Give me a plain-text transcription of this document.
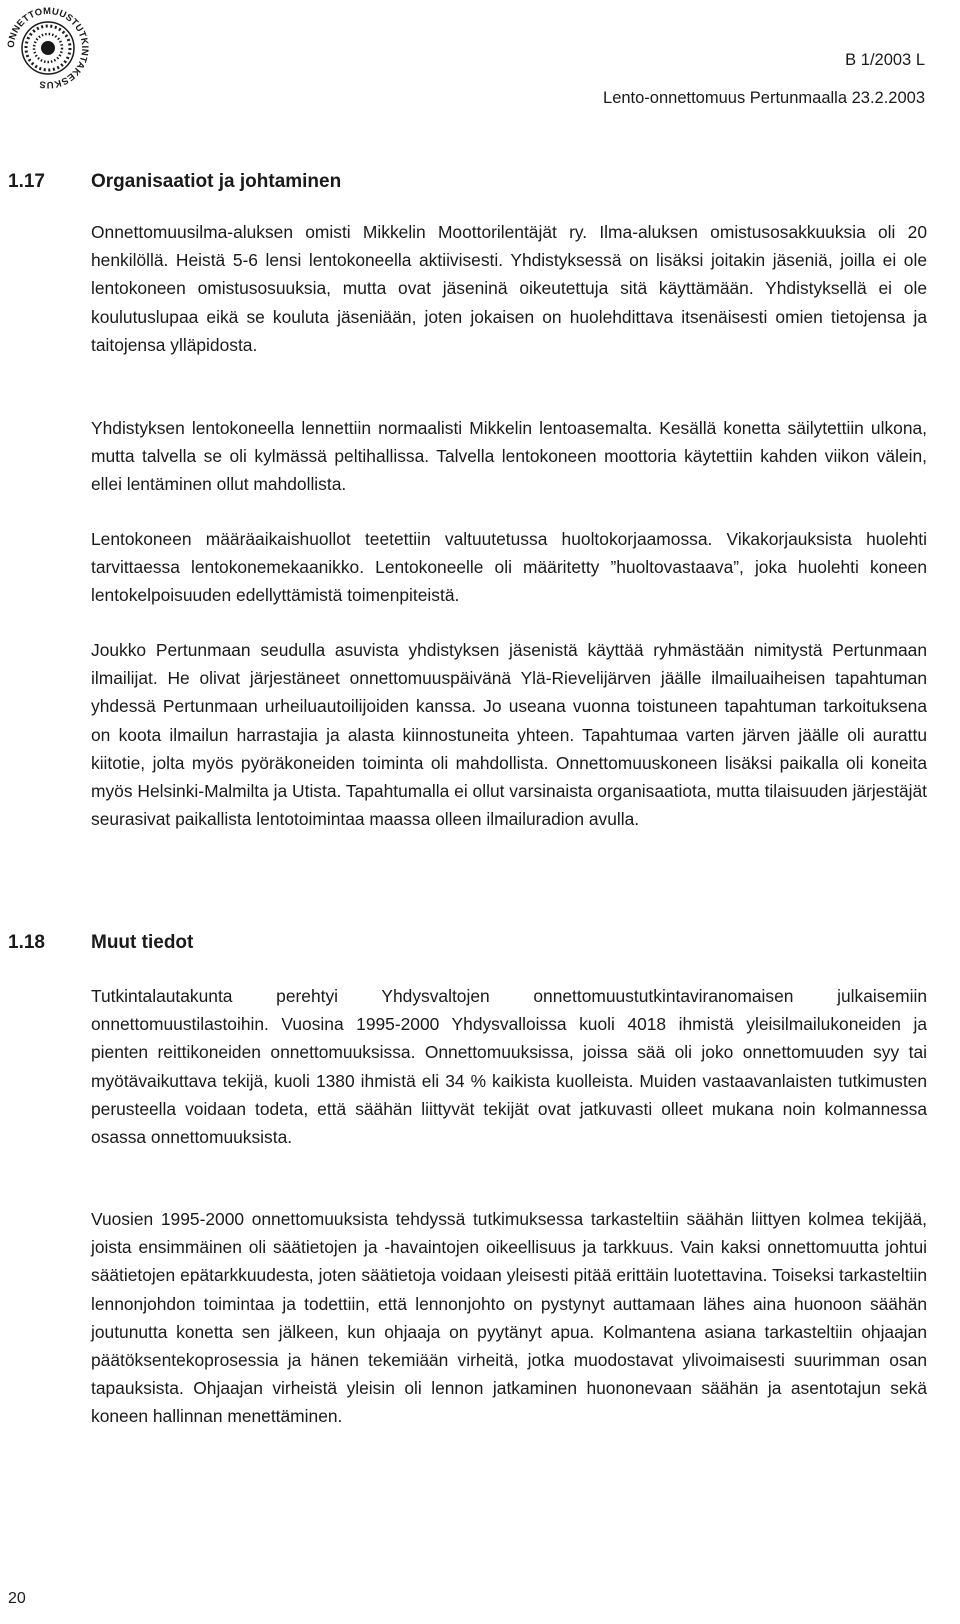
ONNETTOMUUSTUTKINTAKESKUS
B 1/2003 L
Lento-onnettomuus Pertunmaalla 23.2.2003
1.17 Organisaatiot ja johtaminen

Onnettomuusilma-aluksen omisti Mikkelin Moottorilentäjät ry. Ilma-aluksen omistusosakkuuksia oli 20 henkilöllä. Heistä 5-6 lensi lentokoneella aktiivisesti. Yhdistyksessä on lisäksi joitakin jäseniä, joilla ei ole lentokoneen omistusosuuksia, mutta ovat jäseninä oikeutettuja sitä käyttämään. Yhdistyksellä ei ole koulutuslupaa eikä se kouluta jäseniään, joten jokaisen on huolehdittava itsenäisesti omien tietojensa ja taitojensa ylläpidosta.

Yhdistyksen lentokoneella lennettiin normaalisti Mikkelin lentoasemalta. Kesällä konetta säilytettiin ulkona, mutta talvella se oli kylmässä peltihallissa. Talvella lentokoneen moottoria käytettiin kahden viikon välein, ellei lentäminen ollut mahdollista.

Lentokoneen määräaikaishuollot teetettiin valtuutetussa huoltokorjaamossa. Vikakorjauksista huolehti tarvittaessa lentokonemekaanikko. Lentokoneelle oli määritetty ”huoltovastaava”, joka huolehti koneen lentokelpoisuuden edellyttämistä toimenpiteistä.

Joukko Pertunmaan seudulla asuvista yhdistyksen jäsenistä käyttää ryhmästään nimitystä Pertunmaan ilmailijat. He olivat järjestäneet onnettomuuspäivänä Ylä-Rievelijärven jäälle ilmailuaiheisen tapahtuman yhdessä Pertunmaan urheiluautoilijoiden kanssa. Jo useana vuonna toistuneen tapahtuman tarkoituksena on koota ilmailun harrastajia ja alasta kiinnostuneita yhteen. Tapahtumaa varten järven jäälle oli aurattu kiitotie, jolta myös pyöräkoneiden toiminta oli mahdollista. Onnettomuuskoneen lisäksi paikalla oli koneita myös Helsinki-Malmilta ja Utista. Tapahtumalla ei ollut varsinaista organisaatiota, mutta tilaisuuden järjestäjät seurasivat paikallista lentotoimintaa maassa olleen ilmailuradion avulla.

1.18 Muut tiedot

Tutkintalautakunta perehtyi Yhdysvaltojen onnettomuustutkintaviranomaisen julkaisemiin onnettomuustilastoihin. Vuosina 1995-2000 Yhdysvalloissa kuoli 4018 ihmistä yleisilmailukoneiden ja pienten reittikoneiden onnettomuuksissa. Onnettomuuksissa, joissa sää oli joko onnettomuuden syy tai myötävaikuttava tekijä, kuoli 1380 ihmistä eli 34 % kaikista kuolleista. Muiden vastaavanlaisten tutkimusten perusteella voidaan todeta, että säähän liittyvät tekijät ovat jatkuvasti olleet mukana noin kolmannessa osassa onnettomuuksista.

Vuosien 1995-2000 onnettomuuksista tehdyssä tutkimuksessa tarkasteltiin säähän liittyen kolmea tekijää, joista ensimmäinen oli säätietojen ja -havaintojen oikeellisuus ja tarkkuus. Vain kaksi onnettomuutta johtui säätietojen epätarkkuudesta, joten säätietoja voidaan yleisesti pitää erittäin luotettavina. Toiseksi tarkasteltiin lennonjohdon toimintaa ja todettiin, että lennonjohto on pystynyt auttamaan lähes aina huonoon säähän joutunutta konetta sen jälkeen, kun ohjaaja on pyytänyt apua. Kolmantena asiana tarkasteltiin ohjaajan päätöksentekoprosessia ja hänen tekemiään virheitä, jotka muodostavat ylivoimaisesti suurimman osan tapauksista. Ohjaajan virheistä yleisin oli lennon jatkaminen huononevaan säähän ja asentotajun sekä koneen hallinnan menettäminen.

20
